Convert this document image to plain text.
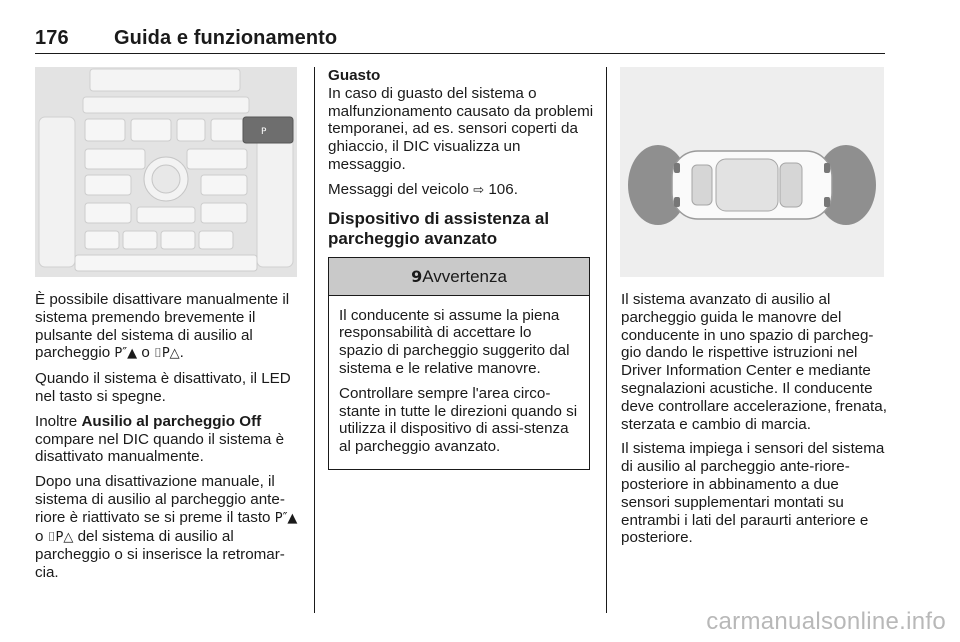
176 Guida e funzionamento
P

È possibile disattivare manualmente il sistema premendo brevemente il pulsante del sistema di ausilio al parcheggio P″▲ o ⌷P△.

Quando il sistema è disattivato, il LED nel tasto si spegne.

Inoltre Ausilio al parcheggio Off compare nel DIC quando il sistema è disattivato manualmente.

Dopo una disattivazione manuale, il sistema di ausilio al parcheggio ante-riore è riattivato se si preme il tasto P″▲ o ⌷P△ del sistema di ausilio al parcheggio o si inserisce la retromar-cia.

Guasto

In caso di guasto del sistema o malfunzionamento causato da problemi temporanei, ad es. sensori coperti da ghiaccio, il DIC visualizza un messaggio.

Messaggi del veicolo ⇨ 106.

Dispositivo di assistenza al parcheggio avanzato
9Avvertenza

Il conducente si assume la piena responsabilità di accettare lo spazio di parcheggio suggerito dal sistema e le relative manovre.

Controllare sempre l'area circo-stante in tutte le direzioni quando si utilizza il dispositivo di assi-stenza al parcheggio avanzato.

Il sistema avanzato di ausilio al parcheggio guida le manovre del conducente in uno spazio di parcheg-gio dando le rispettive istruzioni nel Driver Information Center e mediante segnalazioni acustiche. Il conducente deve controllare accelerazione, frenata, sterzata e cambio di marcia.

Il sistema impiega i sensori del sistema di ausilio al parcheggio ante-riore-posteriore in abbinamento a due sensori supplementari montati su entrambi i lati del paraurti anteriore e posteriore.

carmanualsonline.info
